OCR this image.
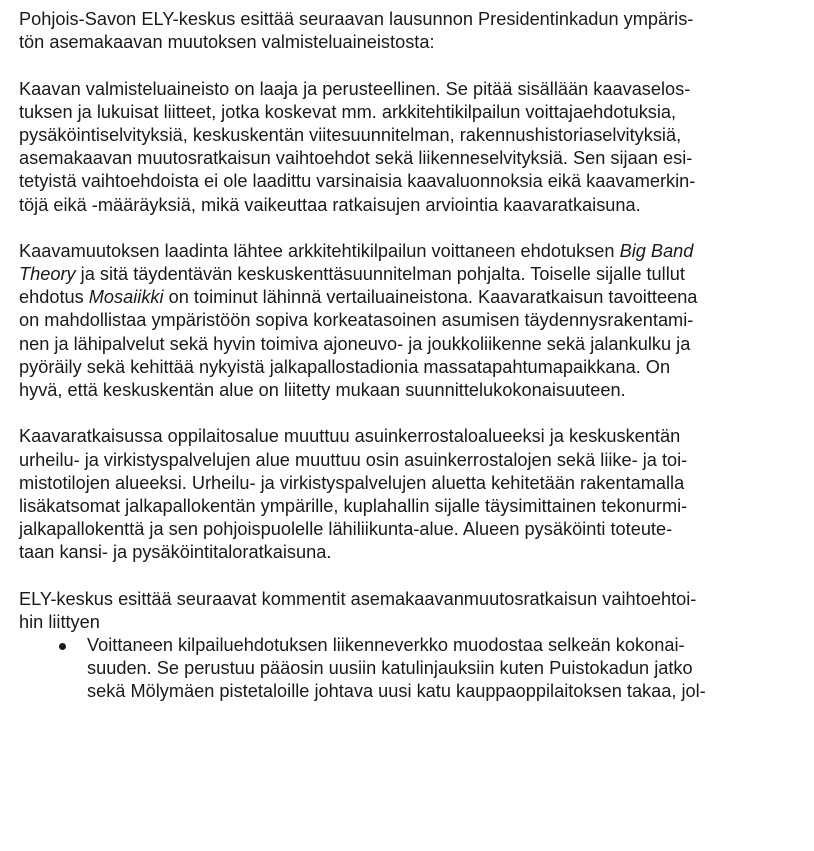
Pohjois-Savon ELY-keskus esittää seuraavan lausunnon Presidentinkadun ympäris-
tön asemakaavan muutoksen valmisteluaineistosta:
Kaavan valmisteluaineisto on laaja ja perusteellinen. Se pitää sisällään kaavaselos-
tuksen ja lukuisat liitteet, jotka koskevat mm. arkkitehtikilpailun voittajaehdotuksia,
pysäköintiselvityksiä, keskuskentän viitesuunnitelman, rakennushistoriaselvityksiä,
asemakaavan muutosratkaisun vaihtoehdot sekä liikenneselvityksiä. Sen sijaan esi-
tetyistä vaihtoehdoista ei ole laadittu varsinaisia kaavaluonnoksia eikä kaavamerkin-
töjä eikä -määräyksiä, mikä vaikeuttaa ratkaisujen arviointia kaavaratkaisuna.
Kaavamuutoksen laadinta lähtee arkkitehtikilpailun voittaneen ehdotuksen Big Band
Theory ja sitä täydentävän keskuskenttäsuunnitelman pohjalta. Toiselle sijalle tullut
ehdotus Mosaiikki on toiminut lähinnä vertailuaineistona. Kaavaratkaisun tavoitteena
on mahdollistaa ympäristöön sopiva korkeatasoinen asumisen täydennysrakentami-
nen ja lähipalvelut sekä hyvin toimiva ajoneuvo- ja joukkoliikenne sekä jalankulku ja
pyöräily sekä kehittää nykyistä jalkapallostadionia massatapahtumapaikkana. On
hyvä, että keskuskentän alue on liitetty mukaan suunnittelukokonaisuuteen.
Kaavaratkaisussa oppilaitosalue muuttuu asuinkerrostaloalueeksi ja keskuskentän
urheilu- ja virkistyspalvelujen alue muuttuu osin asuinkerrostalojen sekä liike- ja toi-
mistotilojen alueeksi. Urheilu- ja virkistyspalvelujen aluetta kehitetään rakentamalla
lisäkatsomat jalkapallokentän ympärille, kuplahallin sijalle täysimittainen tekonurmi-
jalkapallokenttä ja sen pohjoispuolelle lähiliikunta-alue. Alueen pysäköinti toteute-
taan kansi- ja pysäköintitaloratkaisuna.
ELY-keskus esittää seuraavat kommentit asemakaavanmuutosratkaisun vaihtoehtoi-
hin liittyen
Voittaneen kilpailuehdotuksen liikenneverkko muodostaa selkeän kokonai-
suuden. Se perustuu pääosin uusiin katulinjauksiin kuten Puistokadun jatko
sekä Mölymäen pistetaloille johtava uusi katu kauppaoppilaitoksen takaa, jol-
